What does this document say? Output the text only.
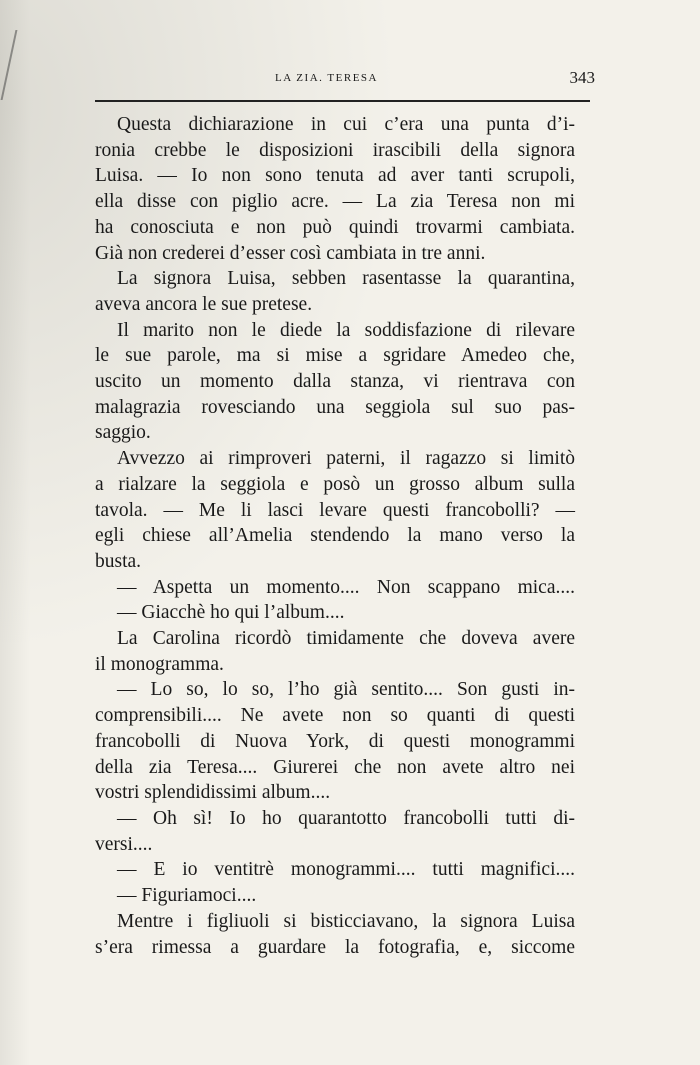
LA ZIA. TERESA	343
Questa dichiarazione in cui c’era una punta d’i-
ronia crebbe le disposizioni irascibili della signora
Luisa. — Io non sono tenuta ad aver tanti scrupoli,
ella disse con piglio acre. — La zia Teresa non mi
ha conosciuta e non può quindi trovarmi cambiata.
Già non crederei d’esser così cambiata in tre anni.
La signora Luisa, sebben rasentasse la quarantina,
aveva ancora le sue pretese.
Il marito non le diede la soddisfazione di rilevare
le sue parole, ma si mise a sgridare Amedeo che,
uscito un momento dalla stanza, vi rientrava con
malagrazia rovesciando una seggiola sul suo pas-
saggio.
Avvezzo ai rimproveri paterni, il ragazzo si limitò
a rialzare la seggiola e posò un grosso album sulla
tavola. — Me li lasci levare questi francobolli? —
egli chiese all’Amelia stendendo la mano verso la
busta.
— Aspetta un momento.... Non scappano mica....
— Giacchè ho qui l’album....
La Carolina ricordò timidamente che doveva avere
il monogramma.
— Lo so, lo so, l’ho già sentito.... Son gusti in-
comprensibili.... Ne avete non so quanti di questi
francobolli di Nuova York, di questi monogrammi
della zia Teresa.... Giurerei che non avete altro nei
vostri splendidissimi album....
— Oh sì! Io ho quarantotto francobolli tutti di-
versi....
— E io ventitrè monogrammi.... tutti magnifici....
— Figuriamoci....
Mentre i figliuoli si bisticciavano, la signora Luisa
s’era rimessa a guardare la fotografia, e, siccome
